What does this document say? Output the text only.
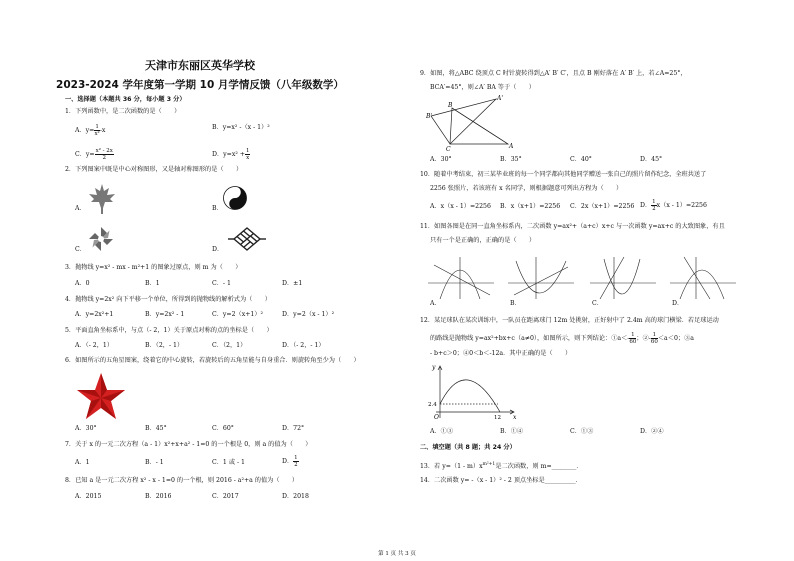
天津市东丽区英华学校
2023-2024 学年度第一学期 10 月学情反馈（八年级数学）
一、选择题（本题共 36 分，每小题 3 分）
1．下列函数中，是二次函数的是（　　）
A．$y= \frac{1}{\text{x²}} -x$	B．y=x² -（x - 1）²
C．$y= \frac{\text{x² - 2x}}{2}$	D．$y=x^2 + \frac{1}{x}$
2．下列图案中既是中心对称图形，又是轴对称图形的是（　　）
A．	B．
C．	D．
3．抛物线 y=x² - mx - m²+1 的图象过原点，则 m 为（　　）
A．0	B．1	C．- 1	D．±1
4．抛物线 y=2x² 向下平移一个单位，所得到的抛物线的解析式为（　　）
A．y=2x²+1	B．y=2x² - 1	C．y=2（x+1）²	D．y=2（x - 1）²
5．平面直角坐标系中，与点（- 2，1）关于原点对称的点的坐标是（　　）
A．（- 2，1）	B．（2，- 1）	C．（2，1）	D．（- 2，- 1）
6．如图所示的五角星图案，绕着它的中心旋转，若旋转后的五角星能与自身重合．则旋转角至少为（　　）
A．30°	B．45°	C．60°	D．72°
7．关于 x 的一元二次方程（a - 1）x²+x+a² - 1=0 的一个根是 0，则 a 的值为（　　）
A．1	B．- 1	C．1 或 - 1	D． $\frac{1}{2}$
8．已知 a 是一元二次方程 x² - x - 1=0 的一个根，则 2016 - a²+a 的值为（　　）
A．2015	B．2016	C．2017	D．2018
9．如图，将△ABC 绕顶点 C 时针旋转得到△A′ B′ C′，且点 B 刚好落在 A′ B′ 上，若∠A=25°，
BCA′=45°，则∠A′ BA 等于（　　）
A'
B
B'
C	A
A．30°	B．35°	C．40°	D．45°
10．随着中考结束，初三某毕业班的每一个同学都向其他同学赠送一张自己的照片留作纪念，全班共送了
2256 张照片，若该班有 x 名同学，则根据题意可列出方程为（　　）
A．x（x - 1）=2256 B．x（x+1）=2256 C．2x（x+1）=2256 D． $\frac{1}{2} x(x - 1)=2256$
11．如图各图是在同一直角坐标系内，二次函数 y=ax²+（a+c）x+c 与一次函数 y=ax+c 的大致图象，有且
只有一个是正确的，正确的是（　　）
A．	B．	C．	D．
12．某足球队在某次训练中，一队员在距离球门 12m 处挑射，正好射中了 2.4m 高的球门横梁．若足球运动
的路线是抛物线 y=ax²+bx+c（a≠0），如图所示，则下列结论：①a＜- $\frac{1}{60}$ ；②- $\frac{1}{60} <a<0$；③a
- b+c＞0；④0＜b＜-12a．其中正确的是（　　）
y
x
O
2.4
12
A．①③	B．①④	C．①③	D．②④
二、填空题（共 8 题；共 24 分）
13．若 $y=(1 - m)x^{m^2+1}$是二次函数，则 m=________．
14．二次函数 y= -（x - 1）² - 2 顶点坐标是__________．
第 1 页 共 3 页
